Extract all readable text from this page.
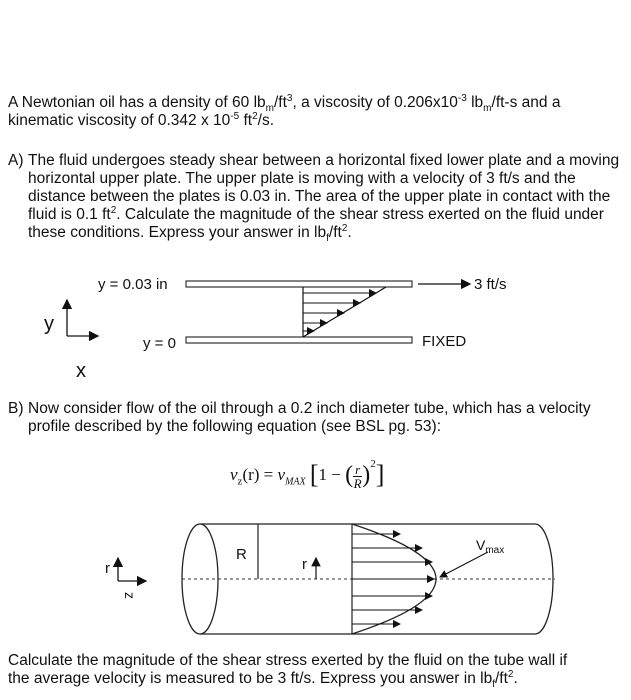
A Newtonian oil has a density of 60 $lb_m/ft^3$, a viscosity of $0.206x10^{-3}$ $lb_m/ft-s$ and a
kinematic viscosity of 0.342 x $10^{-5}$ $ft^2/s$.

A) The fluid undergoes steady shear between a horizontal fixed lower plate and a moving horizontal upper plate. The upper plate is moving with a velocity of 3 ft/s and the distance between the plates is 0.03 in. The area of the upper plate in contact with the fluid is 0.1 $ft^2$. Calculate the magnitude of the shear stress exerted on the fluid under these conditions. Express your answer in $lb_f/ft^2$.
y = 0.03 in	3 ft/s
y = 0	FIXED
y
x
R
r
$V_{max}$
r
z
B) Now consider flow of the oil through a 0.2 inch diameter tube, which has a velocity profile described by the following equation (see BSL pg. 53):
$v_z(r) = v_{MAX}$ [1 − ( $\frac{r}{R} )^2$]

Calculate the magnitude of the shear stress exerted by the fluid on the tube wall if
the average velocity is measured to be 3 ft/s. Express you answer in $lb_f/ft^2$.
